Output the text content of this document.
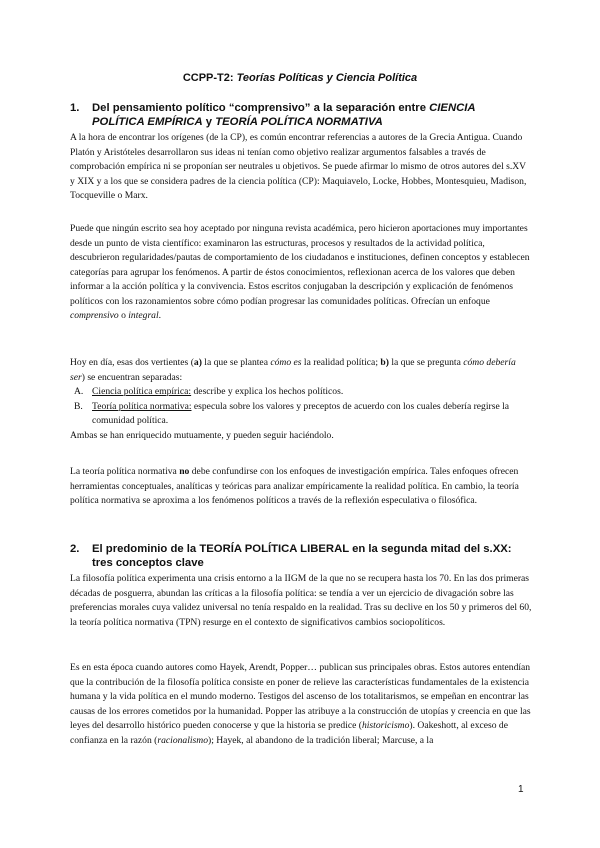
CCPP-T2: Teorías Políticas y Ciencia Política
1. Del pensamiento político “comprensivo” a la separación entre CIENCIA POLÍTICA EMPÍRICA y TEORÍA POLÍTICA NORMATIVA

A la hora de encontrar los orígenes (de la CP), es común encontrar referencias a autores de la Grecia Antigua. Cuando Platón y Aristóteles desarrollaron sus ideas ni tenían como objetivo realizar argumentos falsables a través de comprobación empírica ni se proponían ser neutrales u objetivos. Se puede afirmar lo mismo de otros autores del s.XV y XIX y a los que se considera padres de la ciencia política (CP): Maquiavelo, Locke, Hobbes, Montesquieu, Madison, Tocqueville o Marx.

Puede que ningún escrito sea hoy aceptado por ninguna revista académica, pero hicieron aportaciones muy importantes desde un punto de vista científico: examinaron las estructuras, procesos y resultados de la actividad política, descubrieron regularidades/pautas de comportamiento de los ciudadanos e instituciones, definen conceptos y establecen categorías para agrupar los fenómenos. A partir de éstos conocimientos, reflexionan acerca de los valores que deben informar a la acción política y la convivencia. Estos escritos conjugaban la descripción y explicación de fenómenos políticos con los razonamientos sobre cómo podían progresar las comunidades políticas. Ofrecían un enfoque comprensivo o integral.

Hoy en día, esas dos vertientes (a) la que se plantea cómo es la realidad política; b) la que se pregunta cómo debería ser) se encuentran separadas:

A. Ciencia política empírica: describe y explica los hechos políticos.
B. Teoría política normativa: especula sobre los valores y preceptos de acuerdo con los cuales debería regirse la comunidad política.

Ambas se han enriquecido mutuamente, y pueden seguir haciéndolo.

La teoría política normativa no debe confundirse con los enfoques de investigación empírica. Tales enfoques ofrecen herramientas conceptuales, analíticas y teóricas para analizar empíricamente la realidad política. En cambio, la teoría política normativa se aproxima a los fenómenos políticos a través de la reflexión especulativa o filosófica.

2. El predominio de la TEORÍA POLÍTICA LIBERAL en la segunda mitad del s.XX: tres conceptos clave

La filosofía política experimenta una crisis entorno a la IIGM de la que no se recupera hasta los 70. En las dos primeras décadas de posguerra, abundan las críticas a la filosofía política: se tendía a ver un ejercicio de divagación sobre las preferencias morales cuya validez universal no tenía respaldo en la realidad. Tras su declive en los 50 y primeros del 60, la teoría política normativa (TPN) resurge en el contexto de significativos cambios sociopolíticos.

Es en esta época cuando autores como Hayek, Arendt, Popper… publican sus principales obras. Estos autores entendían que la contribución de la filosofía política consiste en poner de relieve las características fundamentales de la existencia humana y la vida política en el mundo moderno. Testigos del ascenso de los totalitarismos, se empeñan en encontrar las causas de los errores cometidos por la humanidad. Popper las atribuye a la construcción de utopías y creencia en que las leyes del desarrollo histórico pueden conocerse y que la historia se predice (historicismo). Oakeshott, al exceso de confianza en la razón (racionalismo); Hayek, al abandono de la tradición liberal; Marcuse, a la

1
